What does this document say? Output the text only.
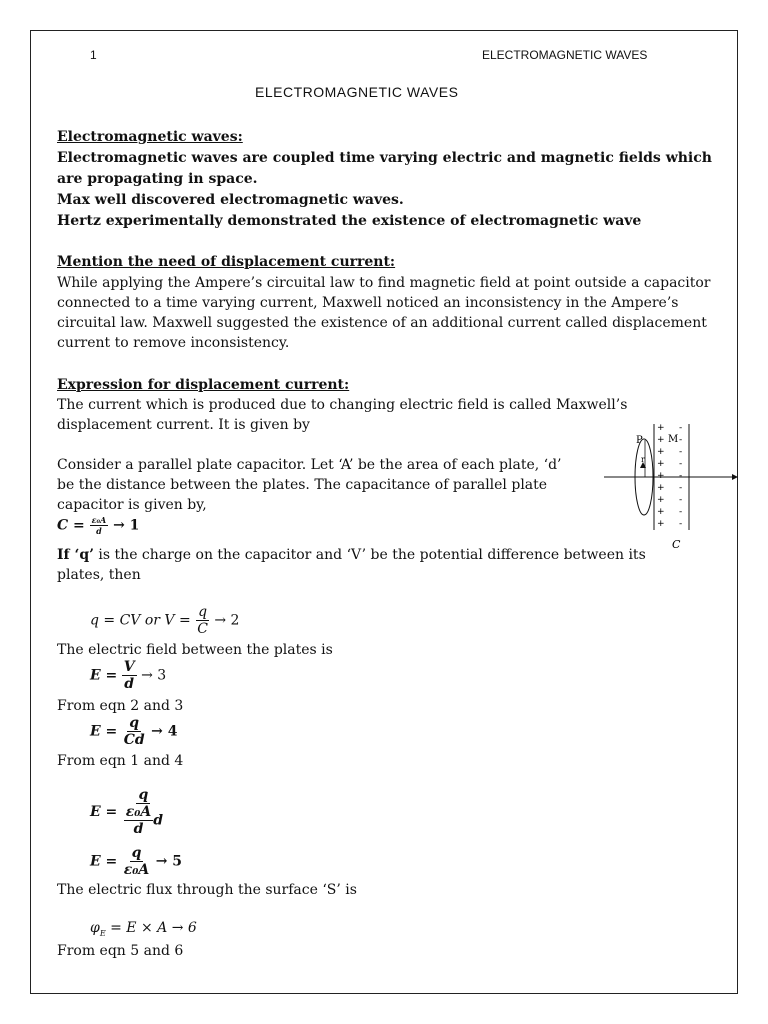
1	ELECTROMAGNETIC WAVES
ELECTROMAGNETIC WAVES
Electromagnetic waves:
Electromagnetic waves are coupled time varying electric and magnetic fields which
are propagating in space.
Max well discovered electromagnetic waves.
Hertz experimentally demonstrated the existence of electromagnetic wave
Mention the need of displacement current:
While applying the Ampere’s circuital law to find magnetic field at point outside a capacitor
connected to a time varying current, Maxwell noticed an inconsistency in the Ampere’s
circuital law. Maxwell suggested the existence of an additional current called displacement
current to remove inconsistency.
Expression for displacement current:
The current which is produced due to changing electric field is called Maxwell’s
displacement current. It is given by
Consider a parallel plate capacitor. Let ‘A’ be the area of each plate, ‘d’
be the distance between the plates. The capacitance of parallel plate
capacitor is given by,
$C = \frac{\text{ε₀A}}{d} \to 1$
If ‘q’ is the charge on the capacitor and ‘V’ be the potential difference between its
plates, then
q = CV or $V = \frac{q}{C} \to 2$
The electric field between the plates is
$E = \frac{V}{d} \to 3$
From eqn 2 and 3
$E = \frac{q}{Cd} \to 4$
From eqn 1 and 4
$E = \frac{q}{\frac{\text{ε₀A}}{d} d}$
$E = \frac{q}{\text{ε₀A}} \to 5$
The electric flux through the surface ‘S’ is
$\varphi_E = E \times A \to 6$
From eqn 5 and 6
P	M
r
C
+ -
+ -
+ -
+ -
+ -
+ -
+ -
+ -
+ -
